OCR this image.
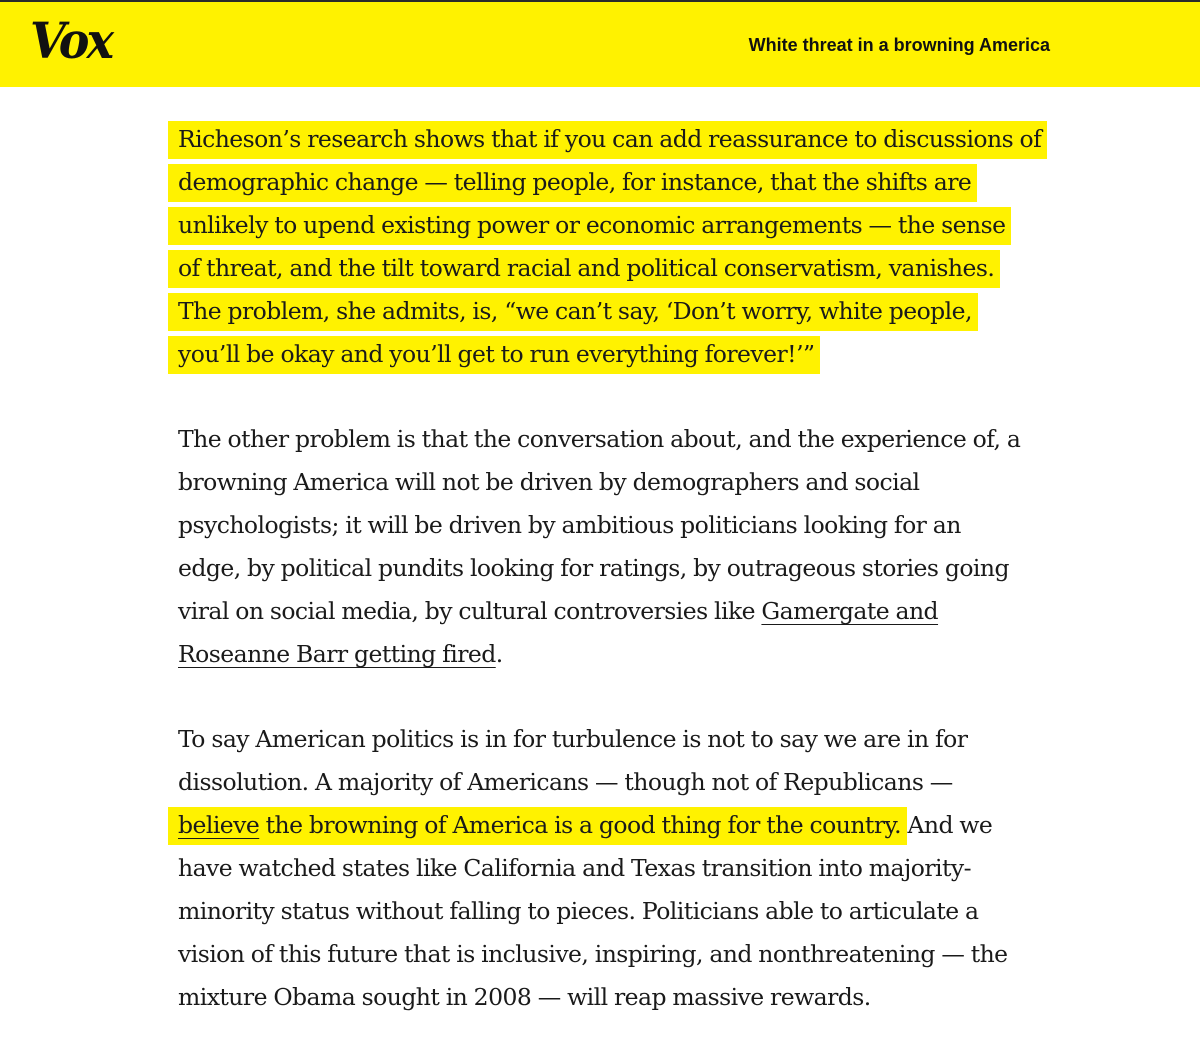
Vox	White threat in a browning America

Richeson’s research shows that if you can add reassurance to discussions of
demographic change — telling people, for instance, that the shifts are
unlikely to upend existing power or economic arrangements — the sense
of threat, and the tilt toward racial and political conservatism, vanishes.
The problem, she admits, is, “we can’t say, ‘Don’t worry, white people,
you’ll be okay and you’ll get to run everything forever!’”

The other problem is that the conversation about, and the experience of, a
browning America will not be driven by demographers and social
psychologists; it will be driven by ambitious politicians looking for an
edge, by political pundits looking for ratings, by outrageous stories going
viral on social media, by cultural controversies like Gamergate and
Roseanne Barr getting fired.

To say American politics is in for turbulence is not to say we are in for
dissolution. A majority of Americans — though not of Republicans —
believe the browning of America is a good thing for the country. And we
have watched states like California and Texas transition into majority-
minority status without falling to pieces. Politicians able to articulate a
vision of this future that is inclusive, inspiring, and nonthreatening — the
mixture Obama sought in 2008 — will reap massive rewards.
